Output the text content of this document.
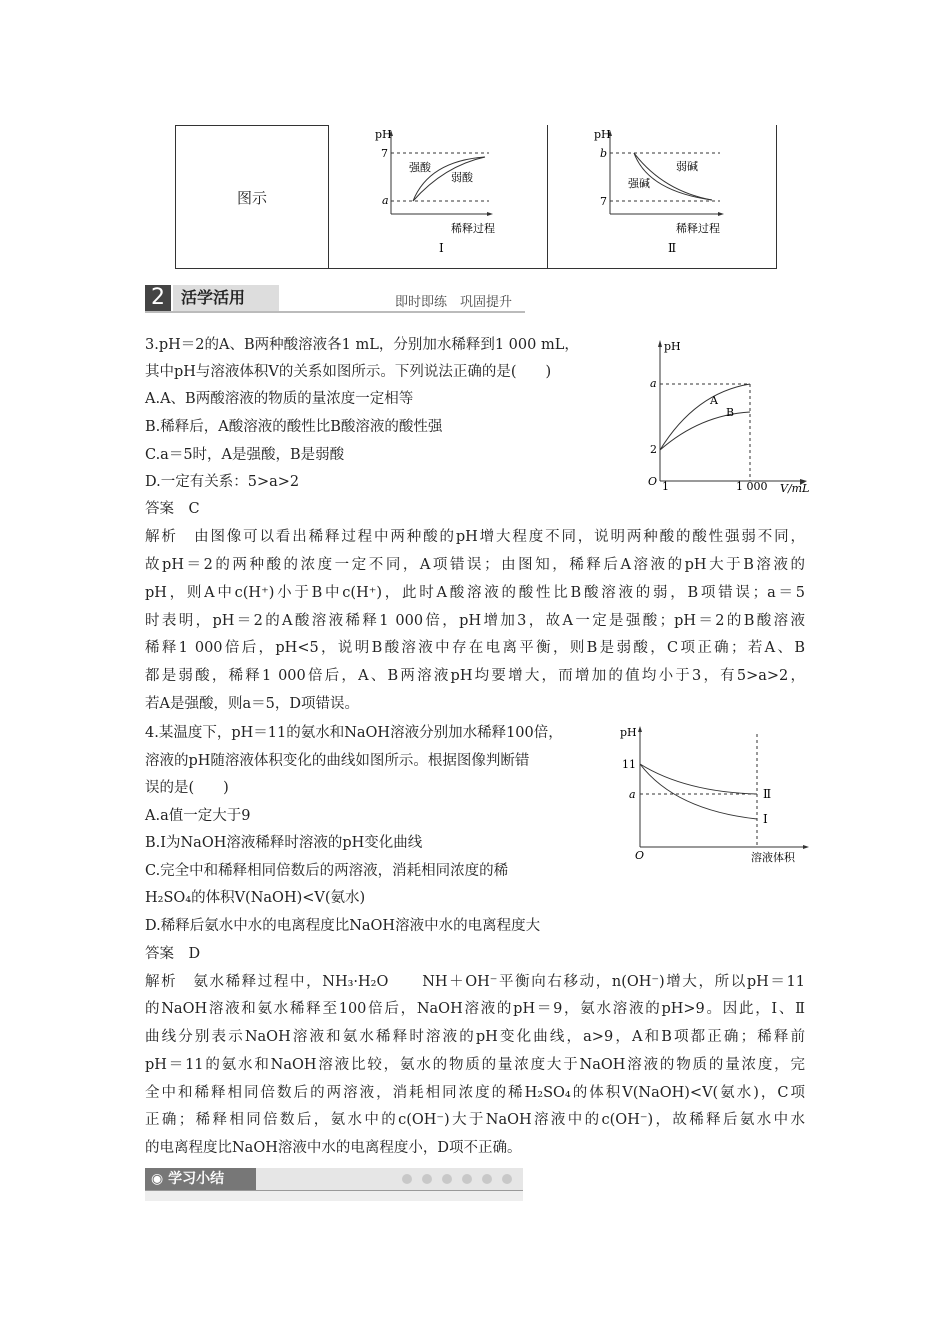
图示	
pH
7
a
强酸
弱酸
稀释过程
Ⅰ

pH
b
7
强碱
弱碱
稀释过程
Ⅱ
2	活学活用	即时即练　巩固提升
3.pH＝2的A、B两种酸溶液各1 mL，分别加水稀释到1 000 mL，
其中pH与溶液体积V的关系如图所示。下列说法正确的是(　　)
A.A、B两酸溶液的物质的量浓度一定相等
B.稀释后，A酸溶液的酸性比B酸溶液的酸性强
C.a＝5时，A是强酸，B是弱酸
D.一定有关系：5>a>2
答案　C
解析　由图像可以看出稀释过程中两种酸的pH增大程度不同，说明两种酸的酸性强弱不同，
故pH＝2的两种酸的浓度一定不同，A项错误；由图知，稀释后A溶液的pH大于B溶液的
pH，则A中c(H⁺)小于B中c(H⁺)，此时A酸溶液的酸性比B酸溶液的弱，B项错误；a＝5
时表明，pH＝2的A酸溶液稀释1 000倍，pH增加3，故A一定是强酸；pH＝2的B酸溶液
稀释1 000倍后，pH<5，说明B酸溶液中存在电离平衡，则B是弱酸，C项正确；若A、B
都是弱酸，稀释1 000倍后，A、B两溶液pH均要增大，而增加的值均小于3，有5>a>2，
若A是强酸，则a＝5，D项错误。
pH
a
2
O 1	1 000 V/mL
A
B
4.某温度下，pH＝11的氨水和NaOH溶液分别加水稀释100倍，
溶液的pH随溶液体积变化的曲线如图所示。根据图像判断错
误的是(　　)
A.a值一定大于9
B.Ⅰ为NaOH溶液稀释时溶液的pH变化曲线
C.完全中和稀释相同倍数后的两溶液，消耗相同浓度的稀
H₂SO₄的体积V(NaOH)<V(氨水)
D.稀释后氨水中水的电离程度比NaOH溶液中水的电离程度大
答案　D
解析　氨水稀释过程中，NH₃·H₂O　　NH＋OH⁻平衡向右移动，n(OH⁻)增大，所以pH＝11
的NaOH溶液和氨水稀释至100倍后，NaOH溶液的pH＝9，氨水溶液的pH>9。因此，Ⅰ、Ⅱ
曲线分别表示NaOH溶液和氨水稀释时溶液的pH变化曲线，a>9，A和B项都正确；稀释前
pH＝11的氨水和NaOH溶液比较，氨水的物质的量浓度大于NaOH溶液的物质的量浓度，完
全中和稀释相同倍数后的两溶液，消耗相同浓度的稀H₂SO₄的体积V(NaOH)<V(氨水)，C项
正确；稀释相同倍数后，氨水中的c(OH⁻)大于NaOH溶液中的c(OH⁻)，故稀释后氨水中水
的电离程度比NaOH溶液中水的电离程度小，D项不正确。
pH
11
a
O	溶液体积
Ⅱ
Ⅰ
◉ 学习小结
